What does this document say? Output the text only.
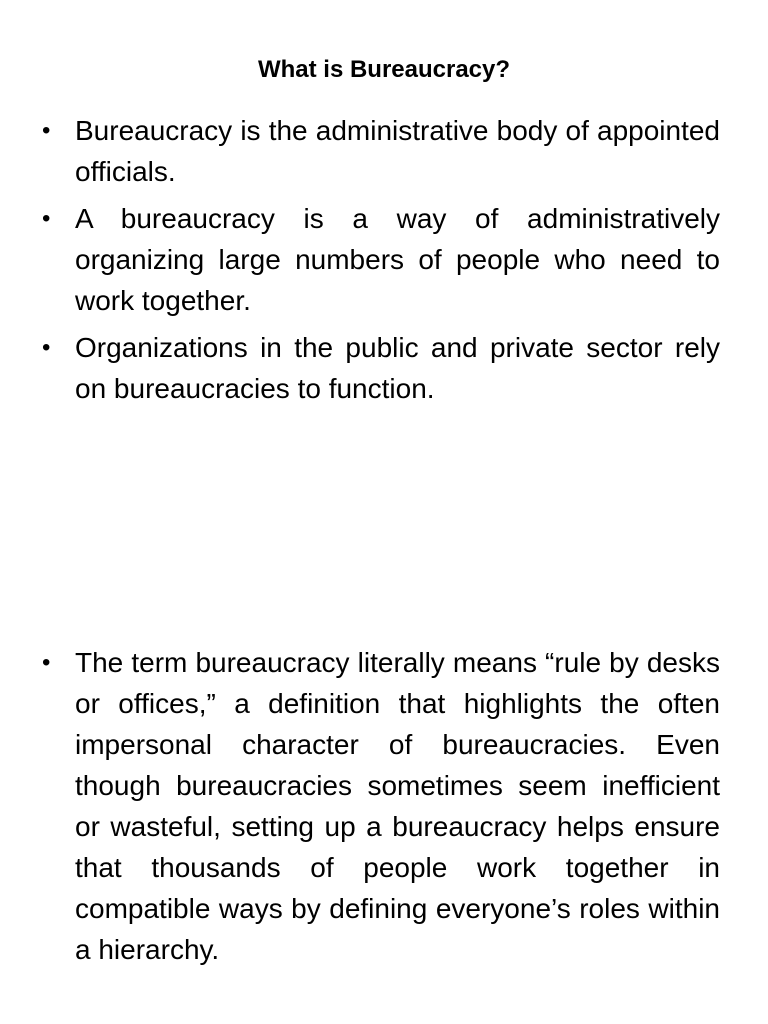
What is Bureaucracy?
• Bureaucracy is the administrative body of appointed officials.
• A bureaucracy is a way of administratively organizing large numbers of people who need to work together.
• Organizations in the public and private sector rely on bureaucracies to function.
• The term bureaucracy literally means “rule by desks or offices,” a definition that highlights the often impersonal character of bureaucracies. Even though bureaucracies sometimes seem inefficient or wasteful, setting up a bureaucracy helps ensure that thousands of people work together in compatible ways by defining everyone’s roles within a hierarchy.
